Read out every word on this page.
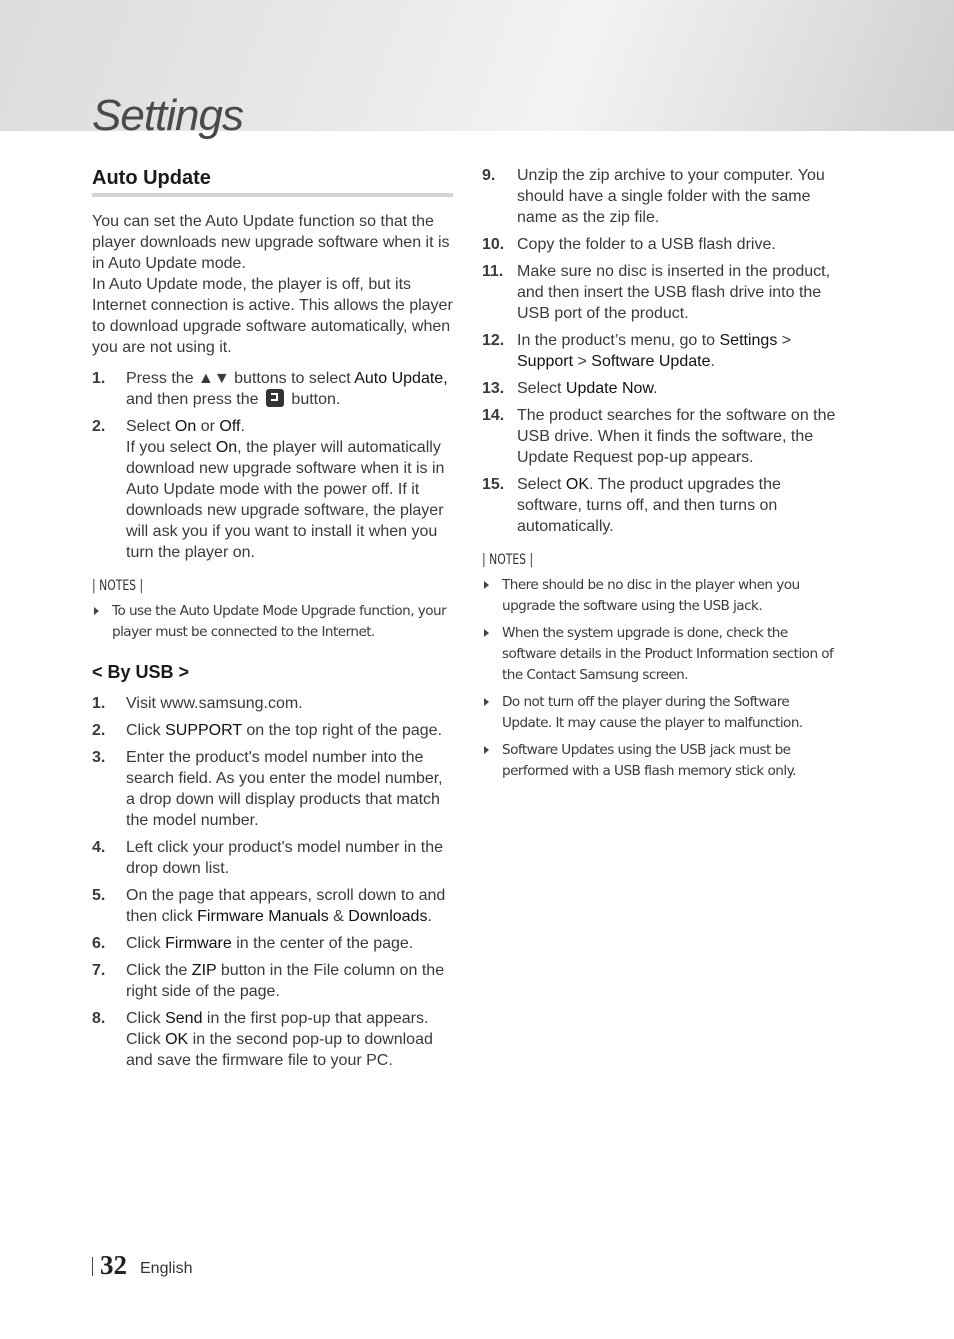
Settings
Auto Update

You can set the Auto Update function so that the player downloads new upgrade software when it is in Auto Update mode.

In Auto Update mode, the player is off, but its Internet connection is active. This allows the player to download upgrade software automatically, when you are not using it.

1. Press the ▲▼ buttons to select Auto Update, and then press the  button.
2. Select On or Off.
If you select On, the player will automatically download new upgrade software when it is in Auto Update mode with the power off. If it downloads new upgrade software, the player will ask you if you want to install it when you turn the player on.
| NOTES |
To use the Auto Update Mode Upgrade function, your player must be connected to the Internet.
< By USB >
1. Visit www.samsung.com.
2. Click SUPPORT on the top right of the page.
3. Enter the product's model number into the search field. As you enter the model number, a drop down will display products that match the model number.
4. Left click your product's model number in the drop down list.
5. On the page that appears, scroll down to and then click Firmware Manuals & Downloads.
6. Click Firmware in the center of the page.
7. Click the ZIP button in the File column on the right side of the page.
8. Click Send in the first pop-up that appears. Click OK in the second pop-up to download and save the firmware file to your PC.
9. Unzip the zip archive to your computer. You should have a single folder with the same name as the zip file.
10. Copy the folder to a USB flash drive.
11. Make sure no disc is inserted in the product, and then insert the USB flash drive into the USB port of the product.
12. In the product’s menu, go to Settings > Support > Software Update.
13. Select Update Now.
14. The product searches for the software on the USB drive. When it finds the software, the Update Request pop-up appears.
15. Select OK. The product upgrades the software, turns off, and then turns on automatically.
| NOTES |
There should be no disc in the player when you upgrade the software using the USB jack.
When the system upgrade is done, check the software details in the Product Information section of the Contact Samsung screen.
Do not turn off the player during the Software Update. It may cause the player to malfunction.
Software Updates using the USB jack must be performed with a USB flash memory stick only.
32 English
